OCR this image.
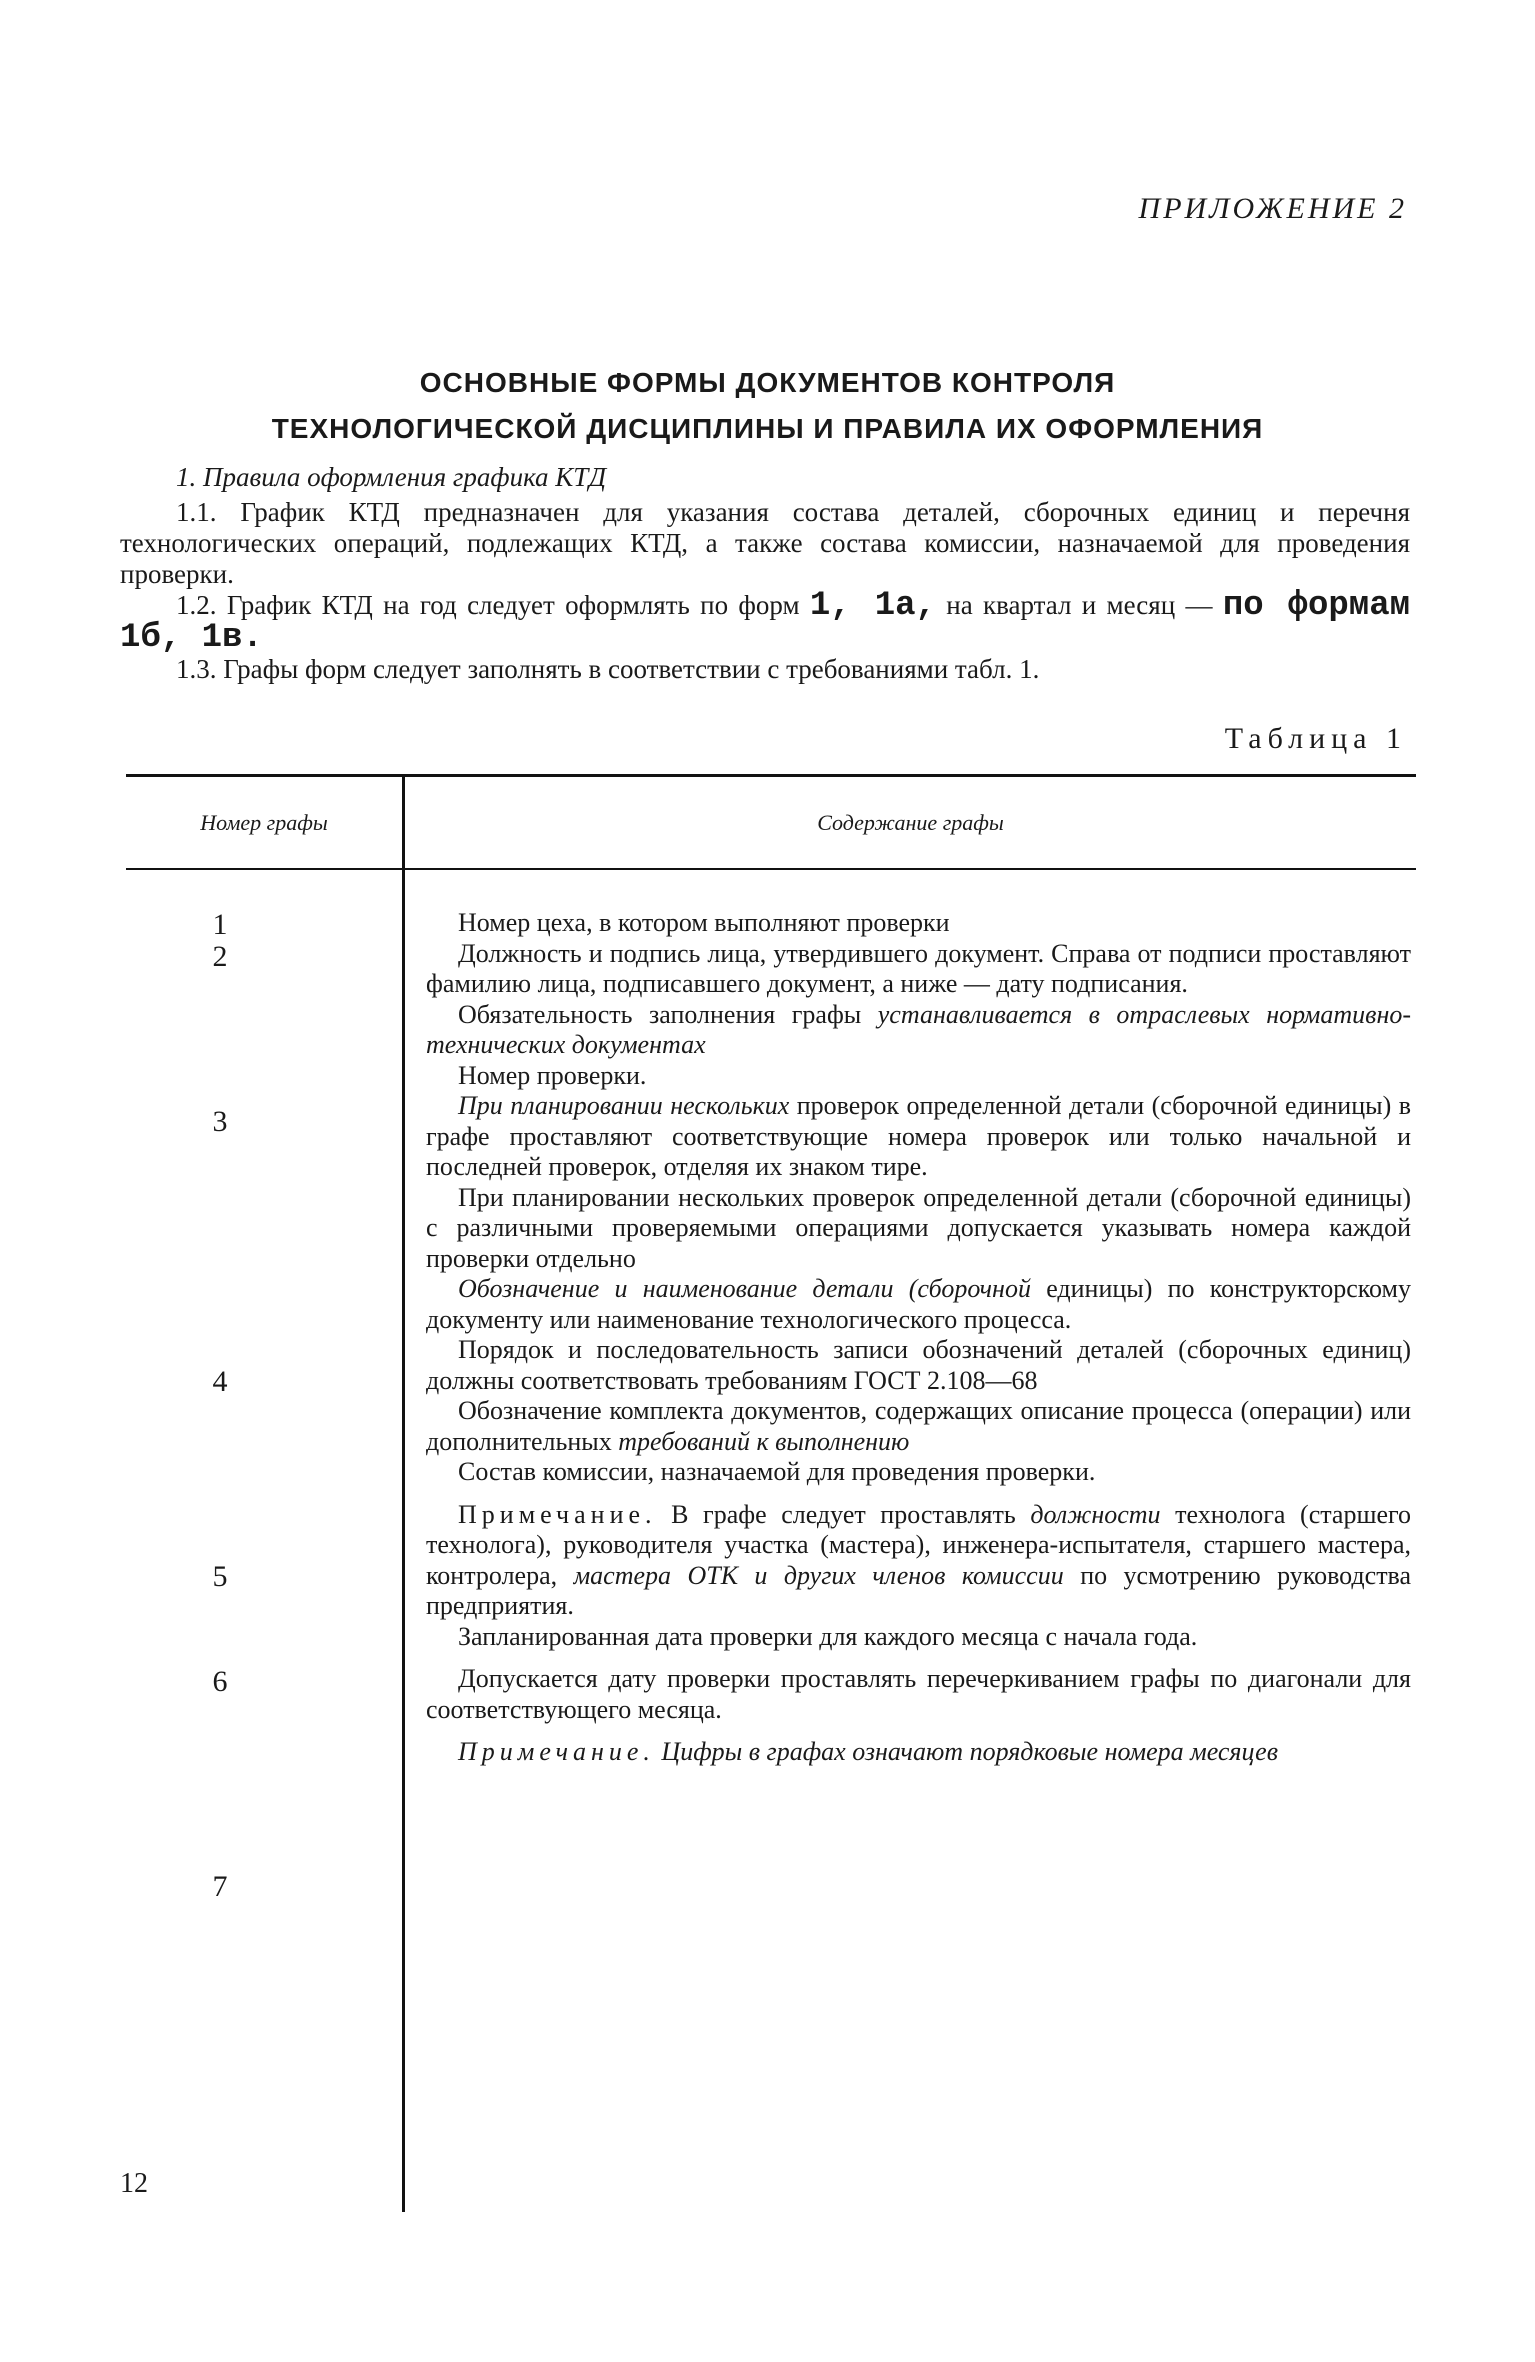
ПРИЛОЖЕНИЕ 2
ОСНОВНЫЕ ФОРМЫ ДОКУМЕНТОВ КОНТРОЛЯ
ТЕХНОЛОГИЧЕСКОЙ ДИСЦИПЛИНЫ И ПРАВИЛА ИХ ОФОРМЛЕНИЯ

1. Правила оформления графика КТД

1.1. График КТД предназначен для указания состава деталей, сборочных единиц и перечня технологических операций, подлежащих КТД, а также состава комиссии, назначаемой для проведения проверки.

1.2. График КТД на год следует оформлять по форм 1, 1а, на квартал и месяц — по формам 1б, 1в.

1.3. Графы форм следует заполнять в соответствии с требованиями табл. 1.

Таблица 1
Номер графы	Содержание графы
1
2
3
4
5
6
7

Номер цеха, в котором выполняют проверки

Должность и подпись лица, утвердившего документ. Справа от подписи проставляют фамилию лица, подписавшего документ, а ниже — дату подписания.

Обязательность заполнения графы устанавливается в отраслевых нормативно-технических документах

Номер проверки.

При планировании нескольких проверок определенной детали (сборочной единицы) в графе проставляют соответствующие номера проверок или только начальной и последней проверок, отделяя их знаком тире.

При планировании нескольких проверок определенной детали (сборочной единицы) с различными проверяемыми операциями допускается указывать номера каждой проверки отдельно

Обозначение и наименование детали (сборочной единицы) по конструкторскому документу или наименование технологического процесса.

Порядок и последовательность записи обозначений деталей (сборочных единиц) должны соответствовать требованиям ГОСТ 2.108—68

Обозначение комплекта документов, содержащих описание процесса (операции) или дополнительных требований к выполнению

Состав комиссии, назначаемой для проведения проверки.

Примечание. В графе следует проставлять должности технолога (старшего технолога), руководителя участка (мастера), инженера-испытателя, старшего мастера, контролера, мастера ОТК и других членов комиссии по усмотрению руководства предприятия.

Запланированная дата проверки для каждого месяца с начала года.

Допускается дату проверки проставлять перечеркиванием графы по диагонали для соответствующего месяца.

Примечание. Цифры в графах означают порядковые номера месяцев

12
